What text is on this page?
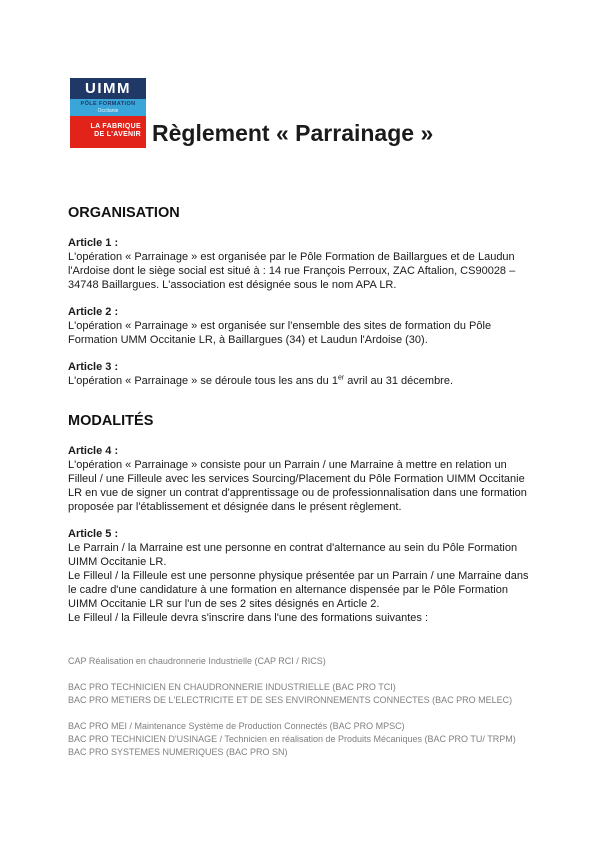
UIMM
PÔLE FORMATION
Occitanie
LA FABRIQUE
DE L'AVENIR Règlement « Parrainage »
ORGANISATION
Article 1 :

L'opération « Parrainage » est organisée par le Pôle Formation de Baillargues et de Laudun l'Ardoise dont le siège social est situé à : 14 rue François Perroux, ZAC Aftalion, CS90028 – 34748 Baillargues. L'association est désignée sous le nom APA LR.

Article 2 :

L'opération « Parrainage » est organisée sur l'ensemble des sites de formation du Pôle Formation UMM Occitanie LR, à Baillargues (34) et Laudun l'Ardoise (30).

Article 3 :

L'opération « Parrainage » se déroule tous les ans du 1er avril au 31 décembre.

MODALITÉS
Article 4 :

L'opération « Parrainage » consiste pour un Parrain / une Marraine à mettre en relation un Filleul / une Filleule avec les services Sourcing/Placement du Pôle Formation UIMM Occitanie LR en vue de signer un contrat d'apprentissage ou de professionnalisation dans une formation proposée par l'établissement et désignée dans le présent règlement.

Article 5 :

Le Parrain / la Marraine est une personne en contrat d'alternance au sein du Pôle Formation UIMM Occitanie LR.

Le Filleul / la Filleule est une personne physique présentée par un Parrain / une Marraine dans le cadre d'une candidature à une formation en alternance dispensée par le Pôle Formation UIMM Occitanie LR sur l'un de ses 2 sites désignés en Article 2.

Le Filleul / la Filleule devra s'inscrire dans l'une des formations suivantes :

CAP Réalisation en chaudronnerie Industrielle (CAP RCI / RICS)

BAC PRO TECHNICIEN EN CHAUDRONNERIE INDUSTRIELLE (BAC PRO TCI)

BAC PRO METIERS DE L'ELECTRICITE ET DE SES ENVIRONNEMENTS CONNECTES (BAC PRO MELEC)

BAC PRO MEI / Maintenance Système de Production Connectés (BAC PRO MPSC)

BAC PRO TECHNICIEN D'USINAGE / Technicien en réalisation de Produits Mécaniques (BAC PRO TU/ TRPM)

BAC PRO SYSTEMES NUMERIQUES (BAC PRO SN)
